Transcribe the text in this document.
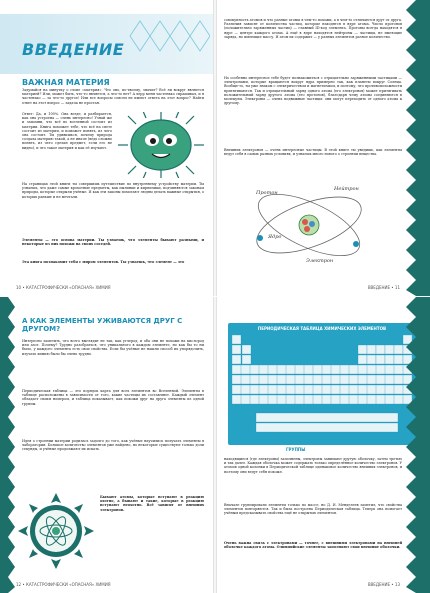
ВВЕДЕНИЕ
ВАЖНАЯ МАТЕРИЯ
Задумайся на минутку о слове «материя». Что оно, по-твоему, значит? Всё ли вокруг является материей? Или, может быть, что-то является, а что-то нет? А херр меня частенько спрашивал, и я частенько — за что-то другое! Или все вопросы совсем не имеют ответа на этот вопрос? Найти ответ на этот вопрос — задача не простая.
Ответ: Да, и 100%. Она везде, и разбирается, как она устроена — очень интересно! Узнай же и запомни, что всё во вселенной состоит из материи. Книга поможет тебе, что всё на свете состоит из материи, и поможет понять, из чего она состоит. Ты удивишься, почему природа создала материю такой, а не иначе (ведь сложно понять, из чего сделан предмет, если его не видно), и что такое материя и как её изучают.
На страницах этой книги ты совершишь путешествие по внутреннему устройству материи. Ты узнаешь, что даже самые крохотные предметы, как пылинки и кирпичики, подчиняются законам природы, которые открыли учёные. И как эти законы помогают людям делать важные открытия, о которых раньше и не мечтали.
Элементы — это основа материи. Ты узнаешь, что элементы бывают разными, и некоторые из них похожи на своих соседей.
Эта книга познакомит тебя с миром элементов. Ты узнаешь, что элемент — это
10 • КАТАСТРОФИЧЕСКИ «ОПАСНАЯ» ХИМИЯ
совокупность атомов и что разные атомы в чем-то похожи, а в чем-то отличаются друг от друга. Различия зависят от количества частиц, которые находятся в ядре атома. Число протонов (положительно заряженных частиц) — главный ID-код элемента. Протоны всегда находятся в ядре — центре каждого атома. А ещё в ядре находятся нейтроны — частицы, не имеющие заряда, но имеющие массу. И атом их содержит — у разных элементов разное количество.
Но особенно интересное тебе будет познакомиться с отрицательно заряженными частицами — электронами, которые вращаются вокруг ядра примерно так, как планеты вокруг Солнца. Вообще-то, ты уже знаком с электричеством и магнетизмом, и поэтому, что противоположности притягиваются. Так и отрицательный заряд одного атома (его электронов) может притягивать положительный заряд другого атома (его протонов), благодаря чему атомы соединяются в молекулы. Электроны — очень подвижные частицы: они могут переходить от одного атома к другому.
Внешних электронов — очень интересные частицы. В этой книге ты увидишь, как элементы ведут себя в самых разных условиях, и узнаешь много нового о строении вещества.
Протон
Нейтрон
Ядро
Электрон
ВВЕДЕНИЕ • 11
А КАК ЭЛЕМЕНТЫ УЖИВАЮТСЯ ДРУГ С ДРУГОМ?
Интересно заметить, что всего выглядит не так, как углерод, и оба они не похожи на кислород или азот. Почему? Трудно разобраться, что уникального в каждом элементе, но как бы то ни было, у каждого элемента есть свои свойства. Если бы учёные не нашли способ их упорядочить, изучать химию было бы очень трудно.
Периодическая таблица — это порядок карта для всех элементов во Вселенной. Элементы в таблице расположены в зависимости от того, какие частицы их составляют. Каждый элемент обладает своим номером, и таблица показывает, как похожи друг на друга элементы из одной группы.
Идея о строении материи родилась задолго до того, как учёные научились получать элементы в лаборатории. Большое количество элементов уже найдено, но некоторые существуют только доли секунды, и учёные продолжают их искать.
Бывают атомы, которые вступают в реакцию охотно, а бывают и такие, которые в реакцию вступают неохотно. Всё зависит от внешних электронов.
12 • КАТАСТРОФИЧЕСКИ «ОПАСНАЯ» ХИМИЯ
ПЕРИОДИЧЕСКАЯ ТАБЛИЦА ХИМИЧЕСКИХ ЭЛЕМЕНТОВ
ГРУППЫ
находящиеся (где электроны) заполнены, электроны занимают другую оболочку, затем третью и так далее. Каждая оболочка может содержать только определённое количество электронов. У атомов одной колонки в Периодической таблице одинаковое количество внешних электронов, и поэтому они ведут себя похоже.
Вначале группировали элементы только по массе, но Д. И. Менделеев заметил, что свойства элементов повторяются. Так и была построена Периодическая таблица. Теперь она помогает учёным предсказывать свойства ещё не открытых элементов.
Очень важна связь с электронами — точнее, с внешними электронами на внешней оболочке каждого атома. Олимпийские элементы заполняют свои внешние оболочки.
ВВЕДЕНИЕ • 13
